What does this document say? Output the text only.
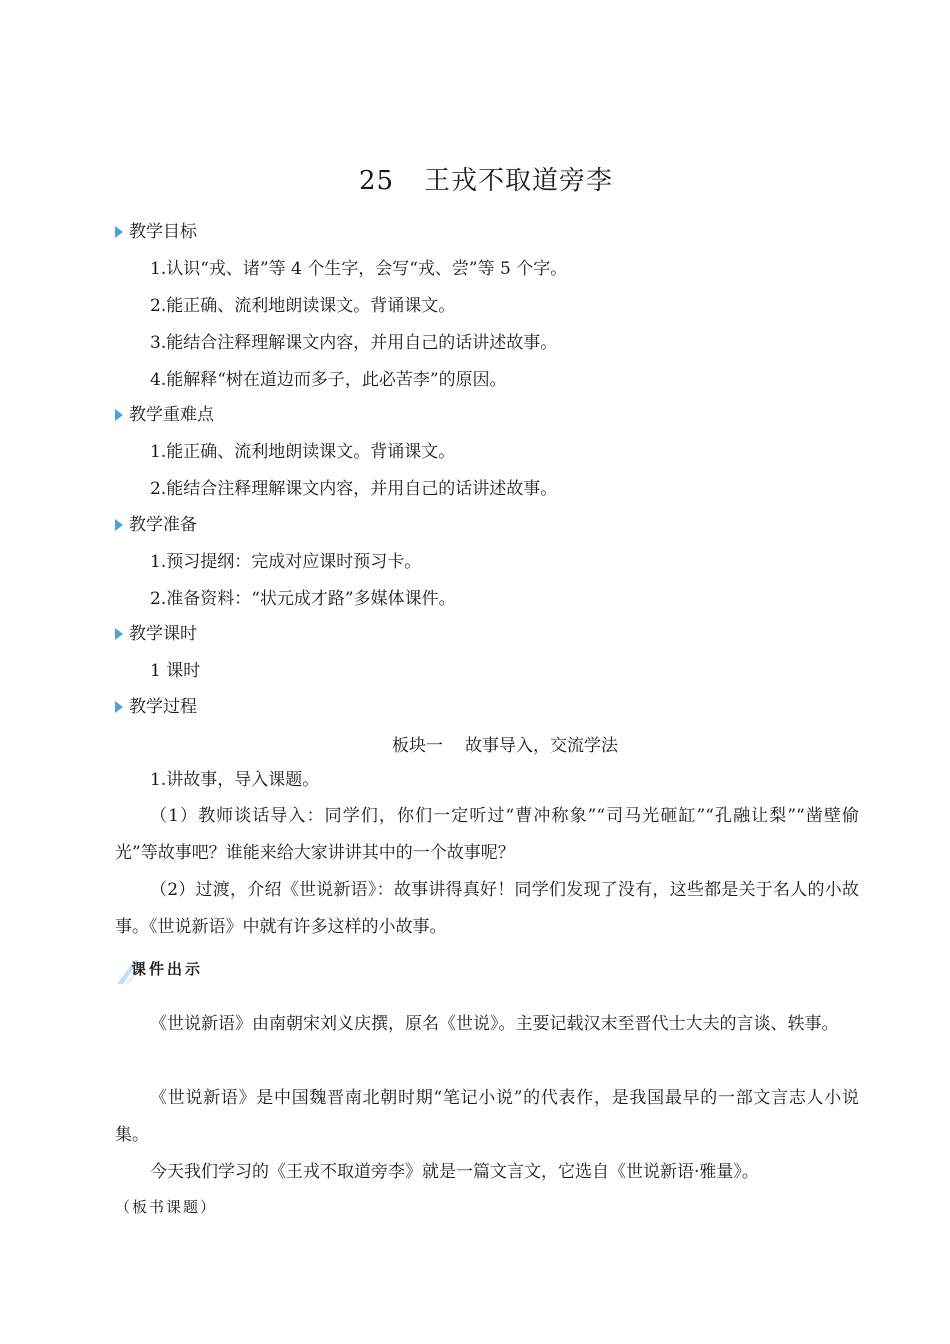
25 王戎不取道旁李
教学目标
1.认识“戎、诸”等 4 个生字，会写“戎、尝”等 5 个字。
2.能正确、流利地朗读课文。背诵课文。
3.能结合注释理解课文内容，并用自己的话讲述故事。
4.能解释“树在道边而多子，此必苦李”的原因。
教学重难点
1.能正确、流利地朗读课文。背诵课文。
2.能结合注释理解课文内容，并用自己的话讲述故事。
教学准备
1.预习提纲：完成对应课时预习卡。
2.准备资料：“状元成才路”多媒体课件。
教学课时
1 课时
教学过程
板块一 故事导入，交流学法
1.讲故事，导入课题。
（1）教师谈话导入：同学们，你们一定听过“曹冲称象”“司马光砸缸”“孔融让梨”“凿壁偷光”等故事吧？谁能来给大家讲讲其中的一个故事呢？
（2）过渡，介绍《世说新语》：故事讲得真好！同学们发现了没有，这些都是关于名人的小故事。《世说新语》中就有许多这样的小故事。
课件出示
《世说新语》由南朝宋刘义庆撰，原名《世说》。主要记载汉末至晋代士大夫的言谈、轶事。
《世说新语》是中国魏晋南北朝时期“笔记小说”的代表作，是我国最早的一部文言志人小说集。
今天我们学习的《王戎不取道旁李》就是一篇文言文，它选自《世说新语·雅量》。
（板书课题）
